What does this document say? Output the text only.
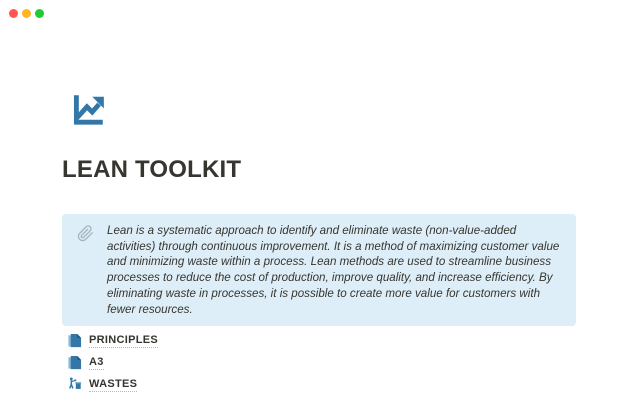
LEAN TOOLKIT
Lean is a systematic approach to identify and eliminate waste (non-value-added activities) through continuous improvement. It is a method of maximizing customer value and minimizing waste within a process. Lean methods are used to streamline business processes to reduce the cost of production, improve quality, and increase efficiency. By eliminating waste in processes, it is possible to create more value for customers with fewer resources.
PRINCIPLES
A3
WASTES
